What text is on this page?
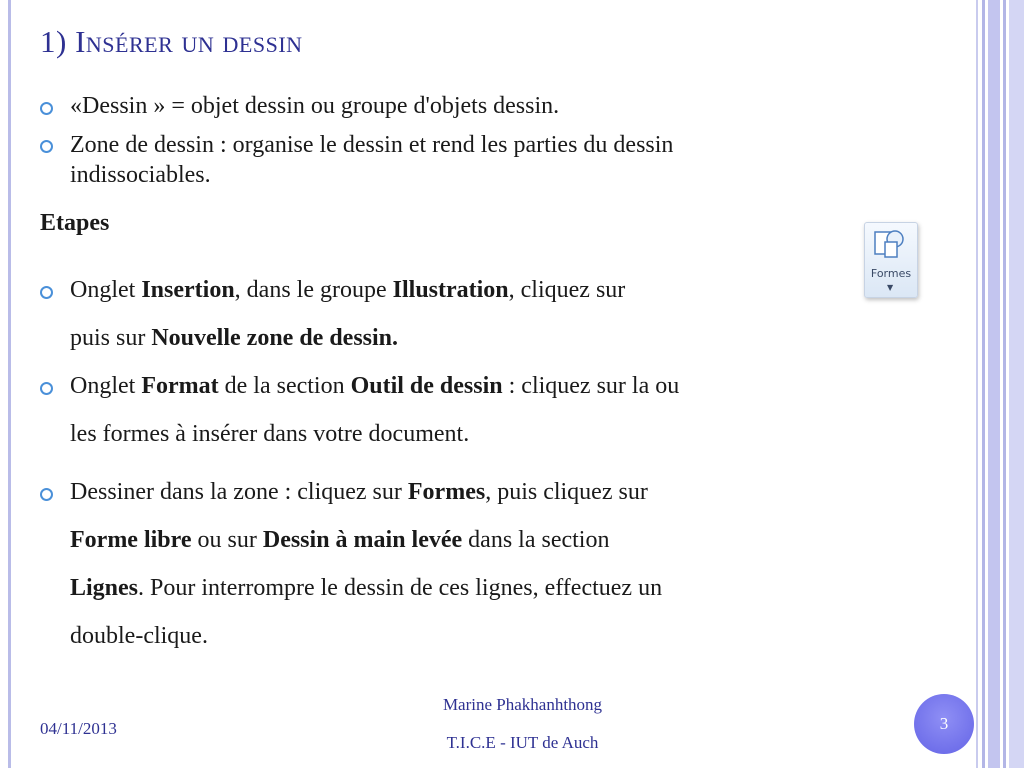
1) Insérer un dessin
«Dessin » = objet dessin ou groupe d'objets dessin.
Zone de dessin : organise le dessin et rend les parties du dessin
indissociables.
Onglet Insertion, dans le groupe Illustration, cliquez sur
puis sur Nouvelle zone de dessin.
Onglet Format de la section Outil de dessin : cliquez sur la ou
les formes à insérer dans votre document.
Dessiner dans la zone : cliquez sur Formes, puis cliquez sur
Forme libre ou sur Dessin à main levée dans la section
Lignes. Pour interrompre le dessin de ces lignes, effectuez un
double-clique.
Etapes
Formes
▼
04/11/2013
Marine Phakhanhthong
T.I.C.E - IUT de Auch
3
